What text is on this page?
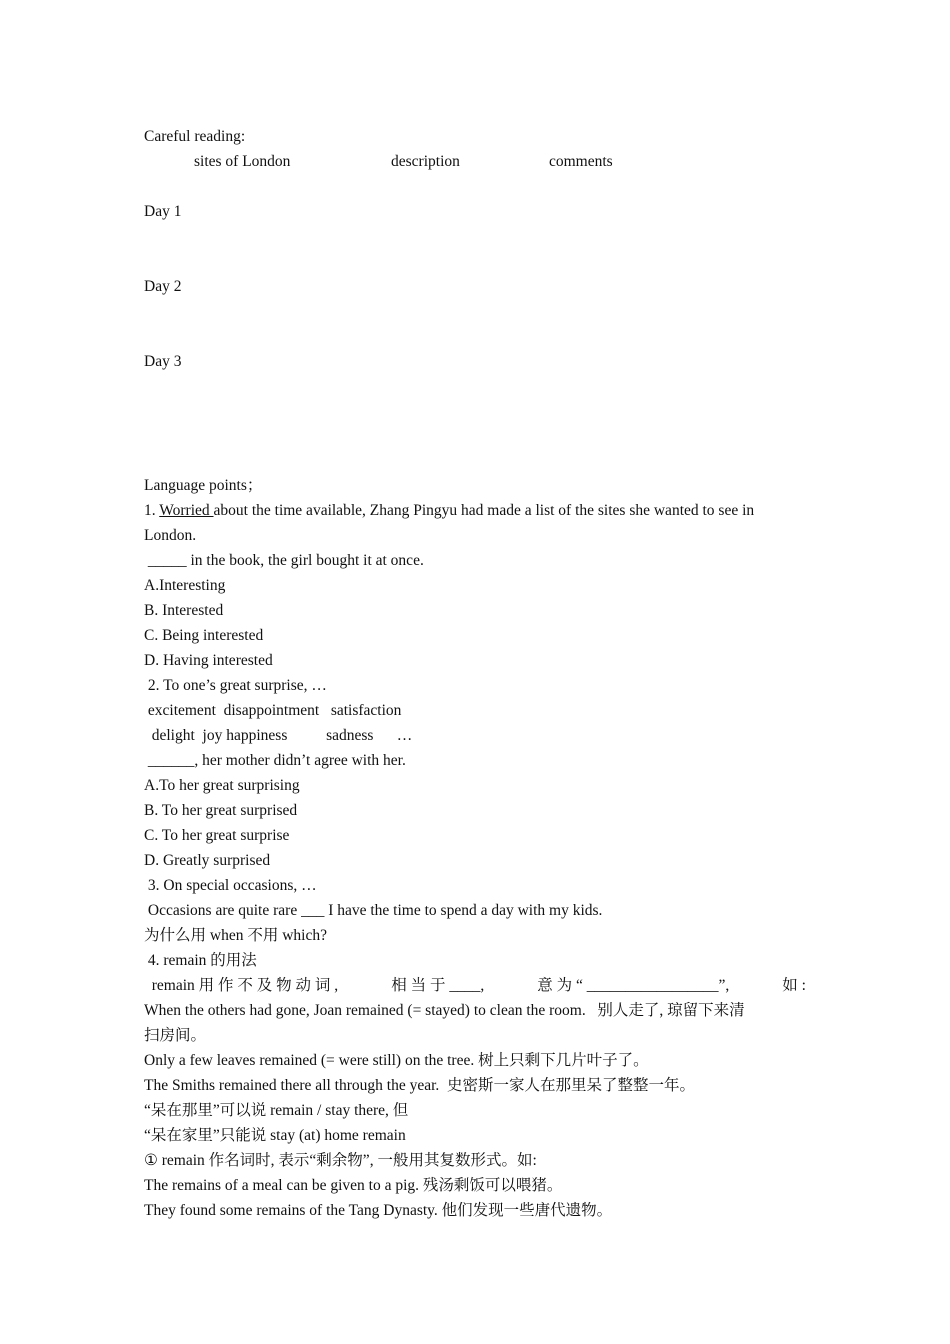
Careful reading:
sites of London	description	comments
Day 1
Day 2
Day 3
Language points；
1. Worried about the time available, Zhang Pingyu had made a list of the sites she wanted to see in
London.
_____ in the book, the girl bought it at once.
A.Interesting
B. Interested
C. Being interested
D. Having interested
2. To one’s great surprise, …
excitement  disappointment   satisfaction
delight  joy happiness          sadness      …
______, her mother didn’t agree with her.
A.To her great surprising
B. To her great surprised
C. To her great surprise
D. Greatly surprised
3. On special occasions, …
Occasions are quite rare ___ I have the time to spend a day with my kids.
为什么用 when 不用 which?
4. remain 的用法
remain 用 作 不 及 物 动 词 ,	相 当 于 ____,	意 为 “ _________________”,	如 :
When the others had gone, Joan remained (= stayed) to clean the room.   别人走了, 琼留下来清
扫房间。
Only a few leaves remained (= were still) on the tree. 树上只剩下几片叶子了。
The Smiths remained there all through the year.  史密斯一家人在那里呆了整整一年。
“呆在那里”可以说 remain / stay there, 但
“呆在家里”只能说 stay (at) home remain
① remain 作名词时, 表示“剩余物”, 一般用其复数形式。如:
The remains of a meal can be given to a pig. 残汤剩饭可以喂猪。
They found some remains of the Tang Dynasty. 他们发现一些唐代遗物。
